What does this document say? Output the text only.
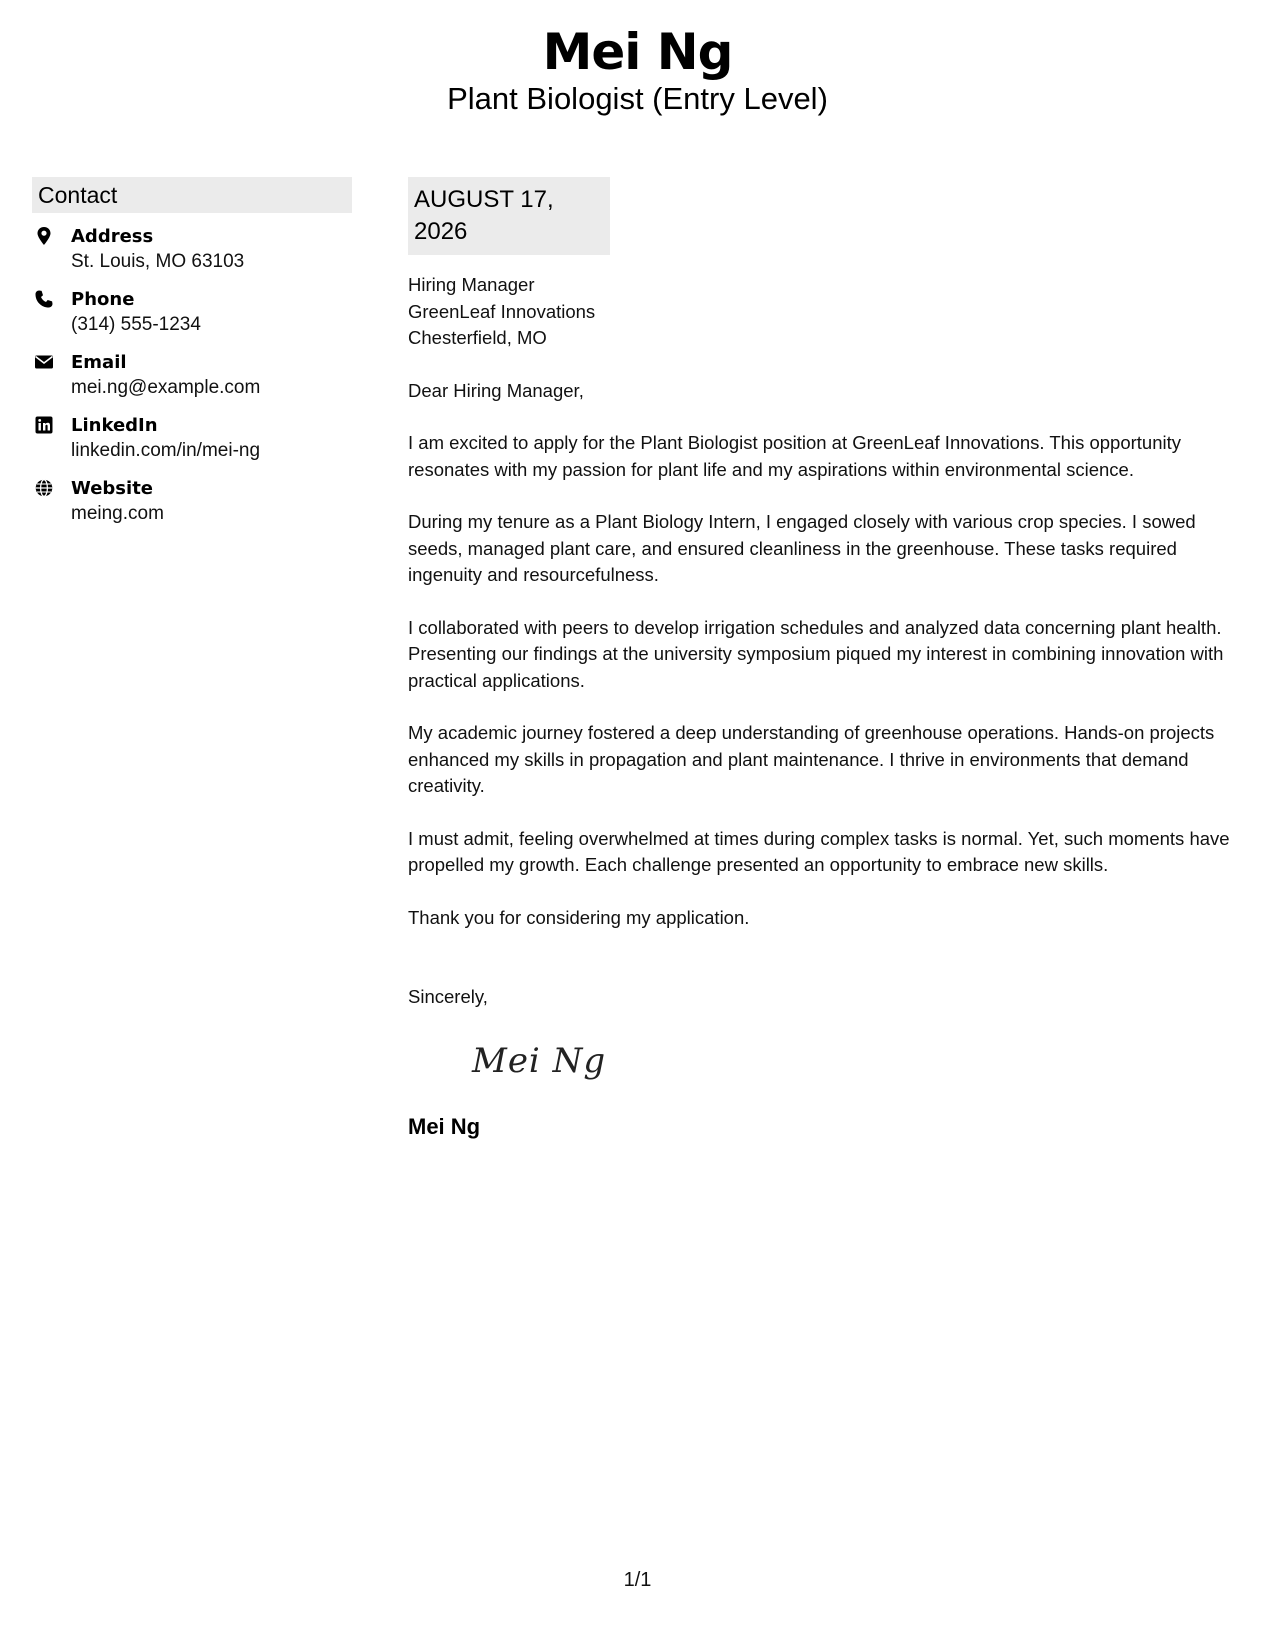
Mei Ng
Plant Biologist (Entry Level)
Contact
Address
St. Louis, MO 63103
Phone
(314) 555-1234
Email
mei.ng@example.com
LinkedIn
linkedin.com/in/mei-ng
Website
meing.com
AUGUST 17, 2026
Hiring Manager
GreenLeaf Innovations
Chesterfield, MO
Dear Hiring Manager,
I am excited to apply for the Plant Biologist position at GreenLeaf Innovations. This opportunity resonates with my passion for plant life and my aspirations within environmental science.
During my tenure as a Plant Biology Intern, I engaged closely with various crop species. I sowed seeds, managed plant care, and ensured cleanliness in the greenhouse. These tasks required ingenuity and resourcefulness.
I collaborated with peers to develop irrigation schedules and analyzed data concerning plant health. Presenting our findings at the university symposium piqued my interest in combining innovation with practical applications.
My academic journey fostered a deep understanding of greenhouse operations. Hands-on projects enhanced my skills in propagation and plant maintenance. I thrive in environments that demand creativity.
I must admit, feeling overwhelmed at times during complex tasks is normal. Yet, such moments have propelled my growth. Each challenge presented an opportunity to embrace new skills.
Thank you for considering my application.
Sincerely,
Mei Ng
Mei Ng
1/1
